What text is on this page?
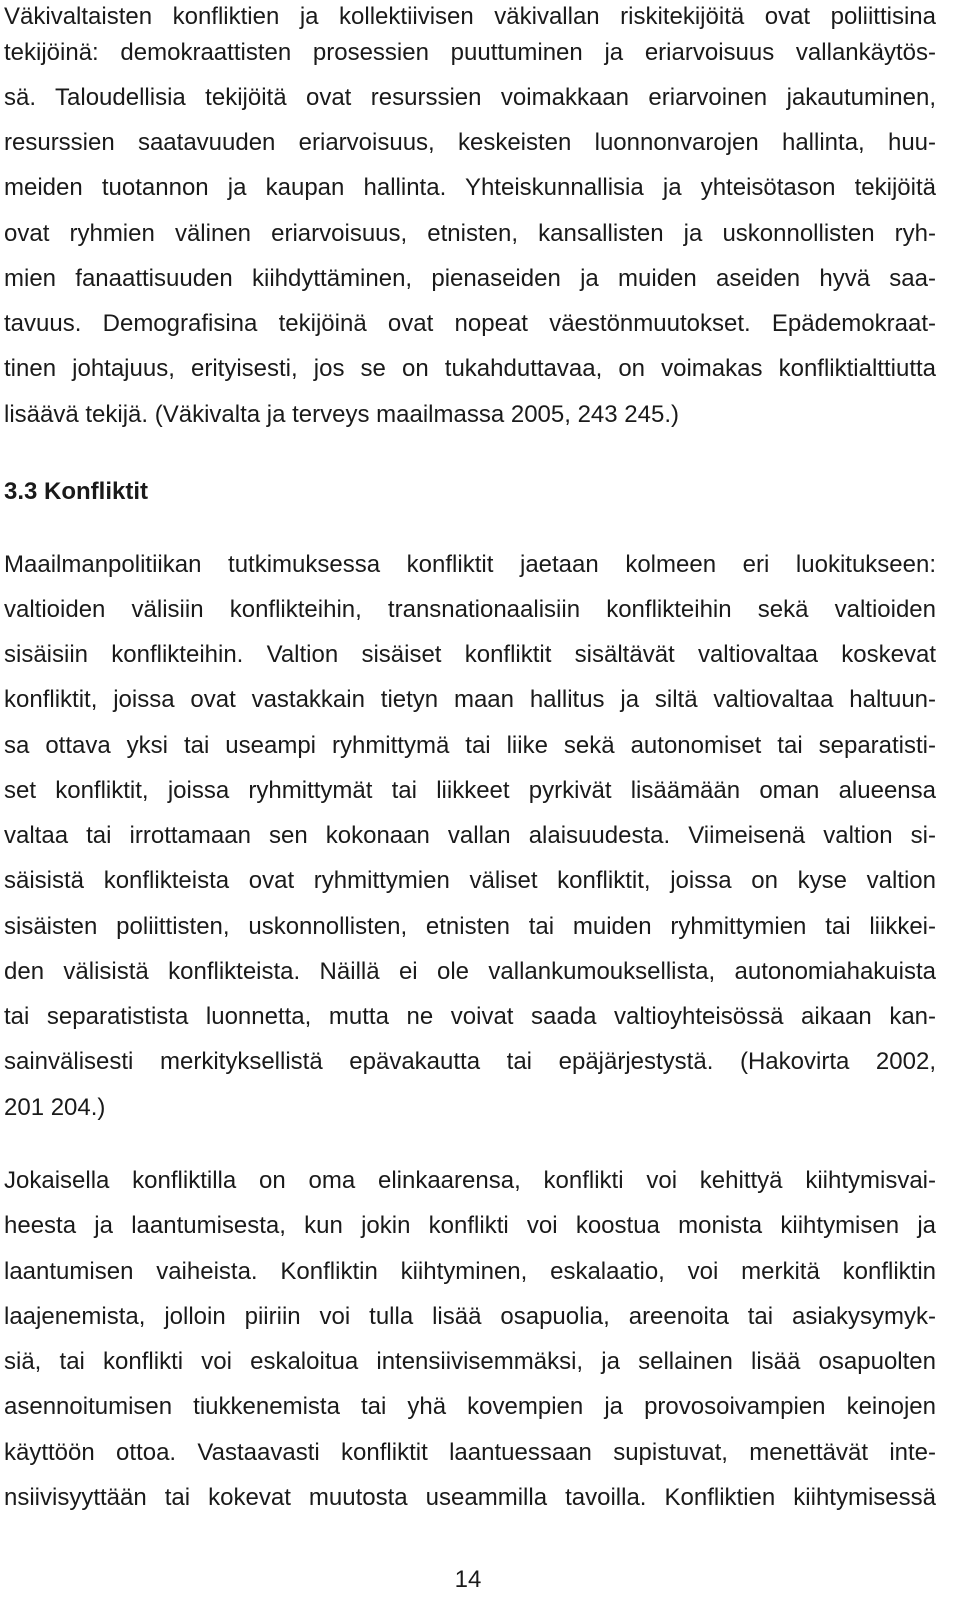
Väkivaltaisten konfliktien ja kollektiivisen väkivallan riskitekijöitä ovat poliittisina
tekijöinä: demokraattisten prosessien puuttuminen ja eriarvoisuus vallankäytös-
sä. Taloudellisia tekijöitä ovat resurssien voimakkaan eriarvoinen jakautuminen,
resurssien saatavuuden eriarvoisuus, keskeisten luonnonvarojen hallinta, huu-
meiden tuotannon ja kaupan hallinta. Yhteiskunnallisia ja yhteisötason tekijöitä
ovat ryhmien välinen eriarvoisuus, etnisten, kansallisten ja uskonnollisten ryh-
mien fanaattisuuden kiihdyttäminen, pienaseiden ja muiden aseiden hyvä saa-
tavuus. Demografisina tekijöinä ovat nopeat väestönmuutokset. Epädemokraat-
tinen johtajuus, erityisesti, jos se on tukahduttavaa, on voimakas konfliktialttiutta
lisäävä tekijä. (Väkivalta ja terveys maailmassa 2005, 243 245.)
3.3 Konfliktit
Maailmanpolitiikan tutkimuksessa konfliktit jaetaan kolmeen eri luokitukseen:
valtioiden välisiin konflikteihin, transnationaalisiin konflikteihin sekä valtioiden
sisäisiin konflikteihin. Valtion sisäiset konfliktit sisältävät valtiovaltaa koskevat
konfliktit, joissa ovat vastakkain tietyn maan hallitus ja siltä valtiovaltaa haltuun-
sa ottava yksi tai useampi ryhmittymä tai liike sekä autonomiset tai separatisti-
set konfliktit, joissa ryhmittymät tai liikkeet pyrkivät lisäämään oman alueensa
valtaa tai irrottamaan sen kokonaan vallan alaisuudesta. Viimeisenä valtion si-
säisistä konflikteista ovat ryhmittymien väliset konfliktit, joissa on kyse valtion
sisäisten poliittisten, uskonnollisten, etnisten tai muiden ryhmittymien tai liikkei-
den välisistä konflikteista. Näillä ei ole vallankumouksellista, autonomiahakuista
tai separatistista luonnetta, mutta ne voivat saada valtioyhteisössä aikaan kan-
sainvälisesti merkityksellistä epävakautta tai epäjärjestystä. (Hakovirta 2002,
201 204.)
Jokaisella konfliktilla on oma elinkaarensa, konflikti voi kehittyä kiihtymisvai-
heesta ja laantumisesta, kun jokin konflikti voi koostua monista kiihtymisen ja
laantumisen vaiheista. Konfliktin kiihtyminen, eskalaatio, voi merkitä konfliktin
laajenemista, jolloin piiriin voi tulla lisää osapuolia, areenoita tai asiakysymyk-
siä, tai konflikti voi eskaloitua intensiivisemmäksi, ja sellainen lisää osapuolten
asennoitumisen tiukkenemista tai yhä kovempien ja provosoivampien keinojen
käyttöön ottoa. Vastaavasti konfliktit laantuessaan supistuvat, menettävät inte-
nsiivisyyttään tai kokevat muutosta useammilla tavoilla. Konfliktien kiihtymisessä
14
